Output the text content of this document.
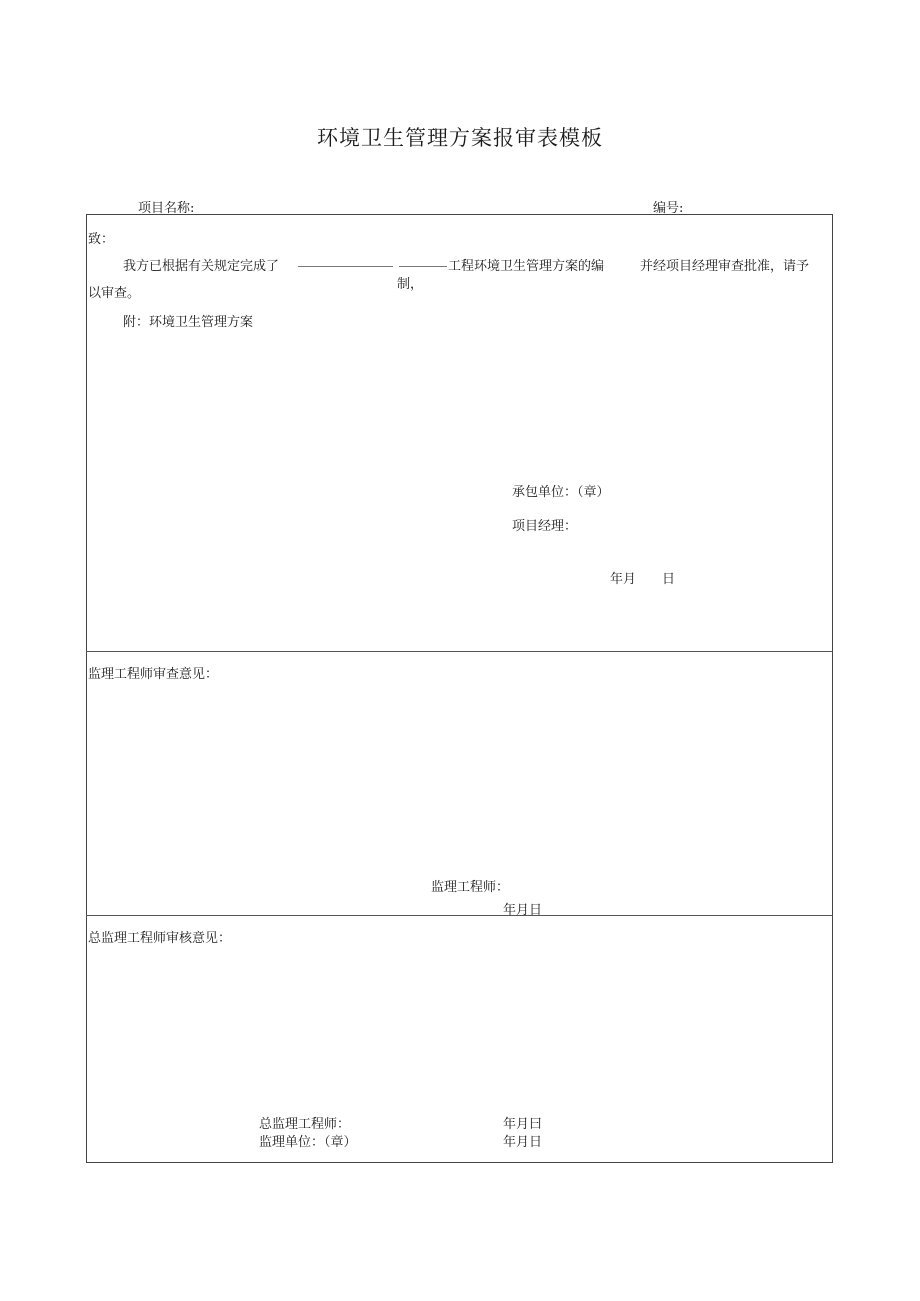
环境卫生管理方案报审表模板
项目名称:	编号:
致：
我方已根据有关规定完成了	工程环境卫生管理方案的编
制，
并经项目经理审查批准，请予
以审查。
附：环境卫生管理方案
承包单位：（章）
项目经理：
年月 日
监理工程师审查意见：
监理工程师：
年月日
总监理工程师审核意见：
总监理工程师：	年月曰
监理单位：（章）	年月日
